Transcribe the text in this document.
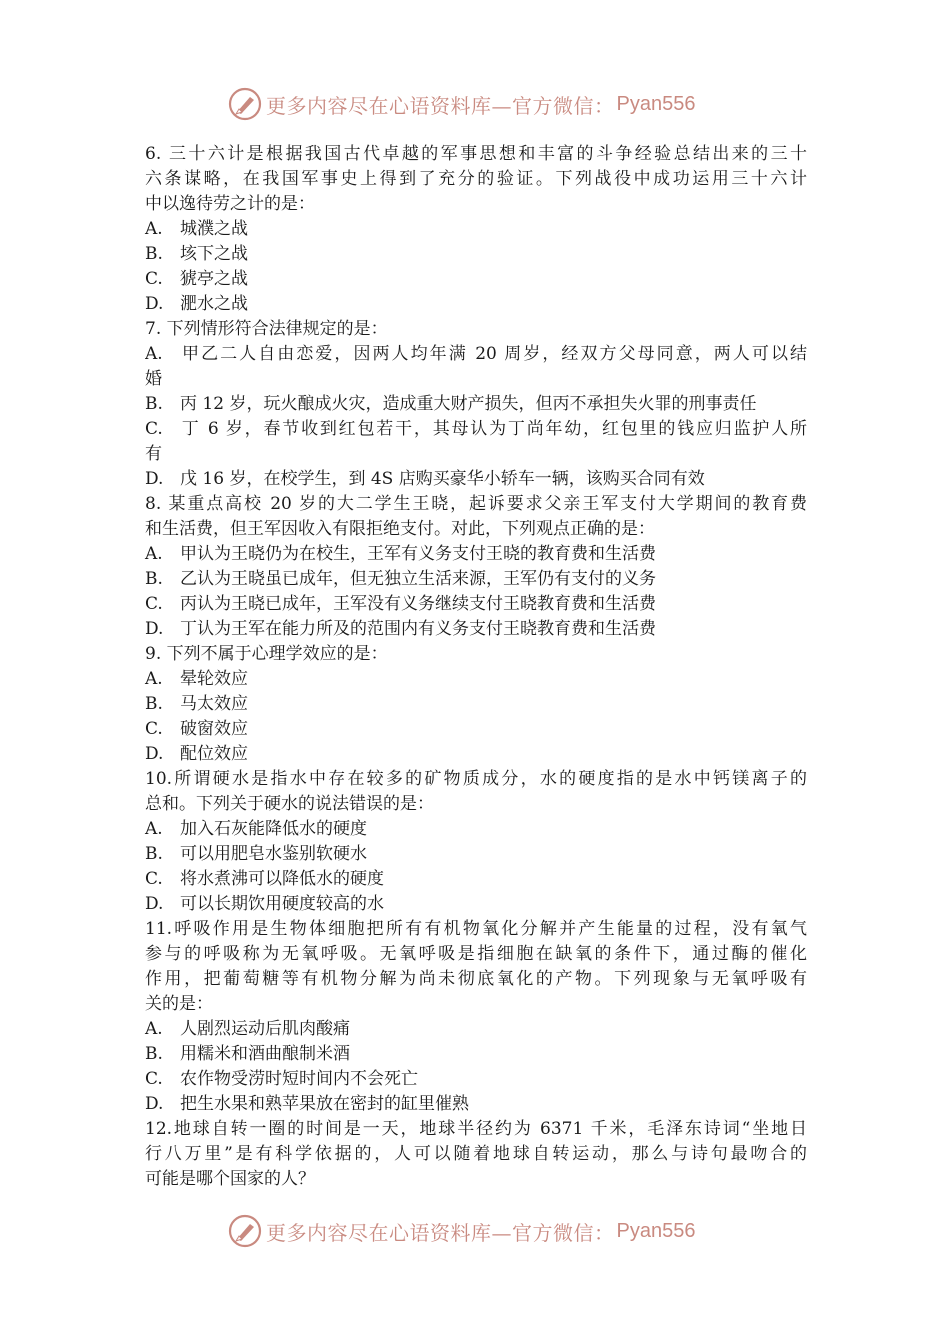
更多内容尽在心语资料库—官方微信： Pyan556
6. 三十六计是根据我国古代卓越的军事思想和丰富的斗争经验总结出来的三十
六条谋略，在我国军事史上得到了充分的验证。下列战役中成功运用三十六计
中以逸待劳之计的是：
A. 城濮之战
B. 垓下之战
C. 猇亭之战
D. 淝水之战
7. 下列情形符合法律规定的是：
A. 甲乙二人自由恋爱，因两人均年满 20 周岁，经双方父母同意，两人可以结
婚
B. 丙 12 岁，玩火酿成火灾，造成重大财产损失，但丙不承担失火罪的刑事责任
C. 丁 6 岁，春节收到红包若干，其母认为丁尚年幼，红包里的钱应归监护人所
有
D. 戊 16 岁，在校学生，到 4S 店购买豪华小轿车一辆，该购买合同有效
8. 某重点高校 20 岁的大二学生王晓，起诉要求父亲王军支付大学期间的教育费
和生活费，但王军因收入有限拒绝支付。对此，下列观点正确的是：
A. 甲认为王晓仍为在校生，王军有义务支付王晓的教育费和生活费
B. 乙认为王晓虽已成年，但无独立生活来源，王军仍有支付的义务
C. 丙认为王晓已成年，王军没有义务继续支付王晓教育费和生活费
D. 丁认为王军在能力所及的范围内有义务支付王晓教育费和生活费
9. 下列不属于心理学效应的是：
A. 晕轮效应
B. 马太效应
C. 破窗效应
D. 配位效应
10.所谓硬水是指水中存在较多的矿物质成分，水的硬度指的是水中钙镁离子的
总和。下列关于硬水的说法错误的是：
A. 加入石灰能降低水的硬度
B. 可以用肥皂水鉴别软硬水
C. 将水煮沸可以降低水的硬度
D. 可以长期饮用硬度较高的水
11.呼吸作用是生物体细胞把所有有机物氧化分解并产生能量的过程，没有氧气
参与的呼吸称为无氧呼吸。无氧呼吸是指细胞在缺氧的条件下，通过酶的催化
作用，把葡萄糖等有机物分解为尚未彻底氧化的产物。下列现象与无氧呼吸有
关的是：
A. 人剧烈运动后肌肉酸痛
B. 用糯米和酒曲酿制米酒
C. 农作物受涝时短时间内不会死亡
D. 把生水果和熟苹果放在密封的缸里催熟
12.地球自转一圈的时间是一天，地球半径约为 6371 千米，毛泽东诗词“坐地日
行八万里”是有科学依据的，人可以随着地球自转运动，那么与诗句最吻合的
可能是哪个国家的人？
更多内容尽在心语资料库—官方微信： Pyan556
